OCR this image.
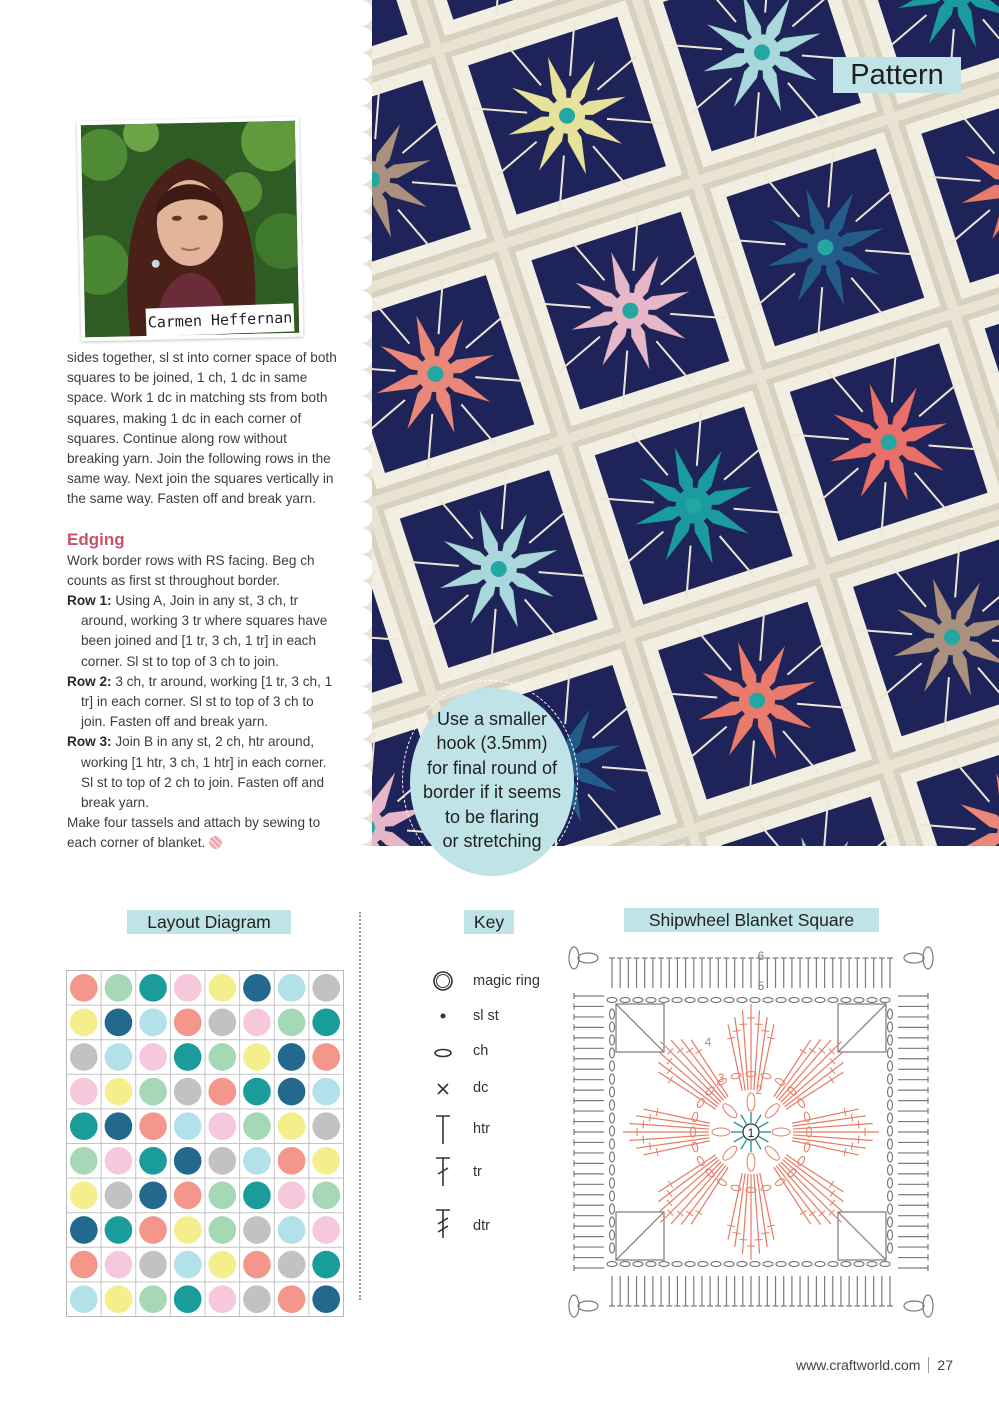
Pattern
Carmen Heffernan

sides together, sl st into corner space of both squares to be joined, 1 ch, 1 dc in same space. Work 1 dc in matching sts from both squares, making 1 dc in each corner of squares. Continue along row without breaking yarn. Join the following rows in the same way. Next join the squares vertically in the same way. Fasten off and break yarn.

Edging

Work border rows with RS facing. Beg ch counts as first st throughout border.

Row 1: Using A, Join in any st, 3 ch, tr around, working 3 tr where squares have been joined and [1 tr, 3 ch, 1 tr] in each corner. Sl st to top of 3 ch to join.

Row 2: 3 ch, tr around, working [1 tr, 3 ch, 1 tr] in each corner. Sl st to top of 3 ch to join. Fasten off and break yarn.

Row 3: Join B in any st, 2 ch, htr around, working [1 htr, 3 ch, 1 htr] in each corner. Sl st to top of 2 ch to join. Fasten off and break yarn.

Make four tassels and attach by sewing to each corner of blanket.

Use a smaller
hook (3.5mm)
for final round of
border if it seems
to be flaring
or stretching
Layout Diagram	Key	Shipwheel Blanket Square
magic ring
sl st
ch
dc
htr
tr
dtr
1
2
3
4
5
6
www.craftworld.com 27
